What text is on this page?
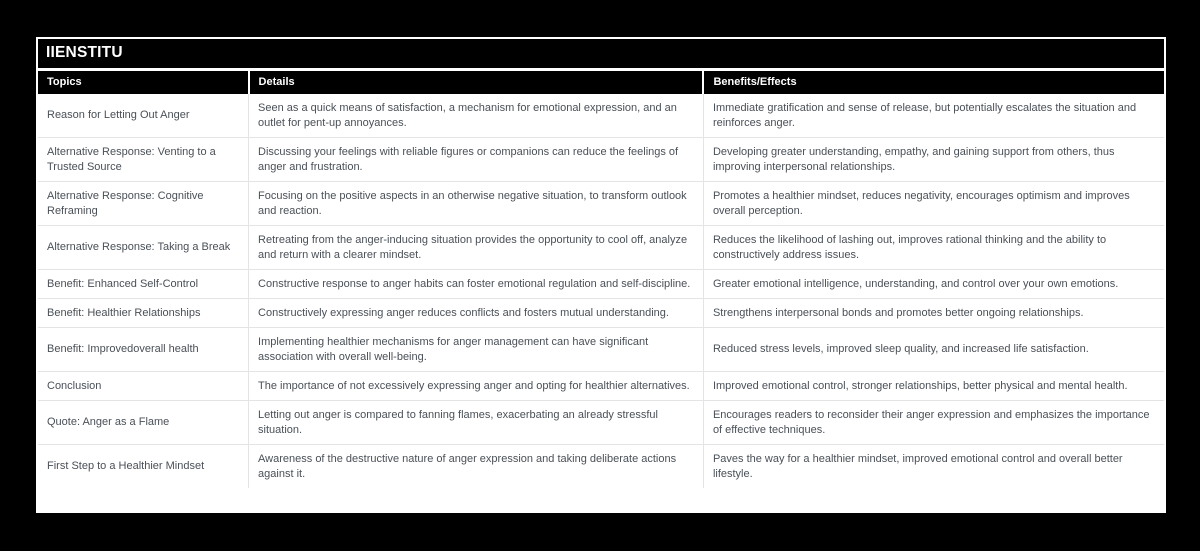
IIENSTITU
Topics	Details	Benefits/Effects
Reason for Letting Out Anger	Seen as a quick means of satisfaction, a mechanism for emotional expression, and an outlet for pent-up annoyances.	Immediate gratification and sense of release, but potentially escalates the situation and reinforces anger.
Alternative Response: Venting to a Trusted Source	Discussing your feelings with reliable figures or companions can reduce the feelings of anger and frustration.	Developing greater understanding, empathy, and gaining support from others, thus improving interpersonal relationships.
Alternative Response: Cognitive Reframing	Focusing on the positive aspects in an otherwise negative situation, to transform outlook and reaction.	Promotes a healthier mindset, reduces negativity, encourages optimism and improves overall perception.
Alternative Response: Taking a Break	Retreating from the anger-inducing situation provides the opportunity to cool off, analyze and return with a clearer mindset.	Reduces the likelihood of lashing out, improves rational thinking and the ability to constructively address issues.
Benefit: Enhanced Self-Control	Constructive response to anger habits can foster emotional regulation and self-discipline.	Greater emotional intelligence, understanding, and control over your own emotions.
Benefit: Healthier Relationships	Constructively expressing anger reduces conflicts and fosters mutual understanding.	Strengthens interpersonal bonds and promotes better ongoing relationships.
Benefit: Improvedoverall health	Implementing healthier mechanisms for anger management can have significant association with overall well-being.	Reduced stress levels, improved sleep quality, and increased life satisfaction.
Conclusion	The importance of not excessively expressing anger and opting for healthier alternatives.	Improved emotional control, stronger relationships, better physical and mental health.
Quote: Anger as a Flame	Letting out anger is compared to fanning flames, exacerbating an already stressful situation.	Encourages readers to reconsider their anger expression and emphasizes the importance of effective techniques.
First Step to a Healthier Mindset	Awareness of the destructive nature of anger expression and taking deliberate actions against it.	Paves the way for a healthier mindset, improved emotional control and overall better lifestyle.
